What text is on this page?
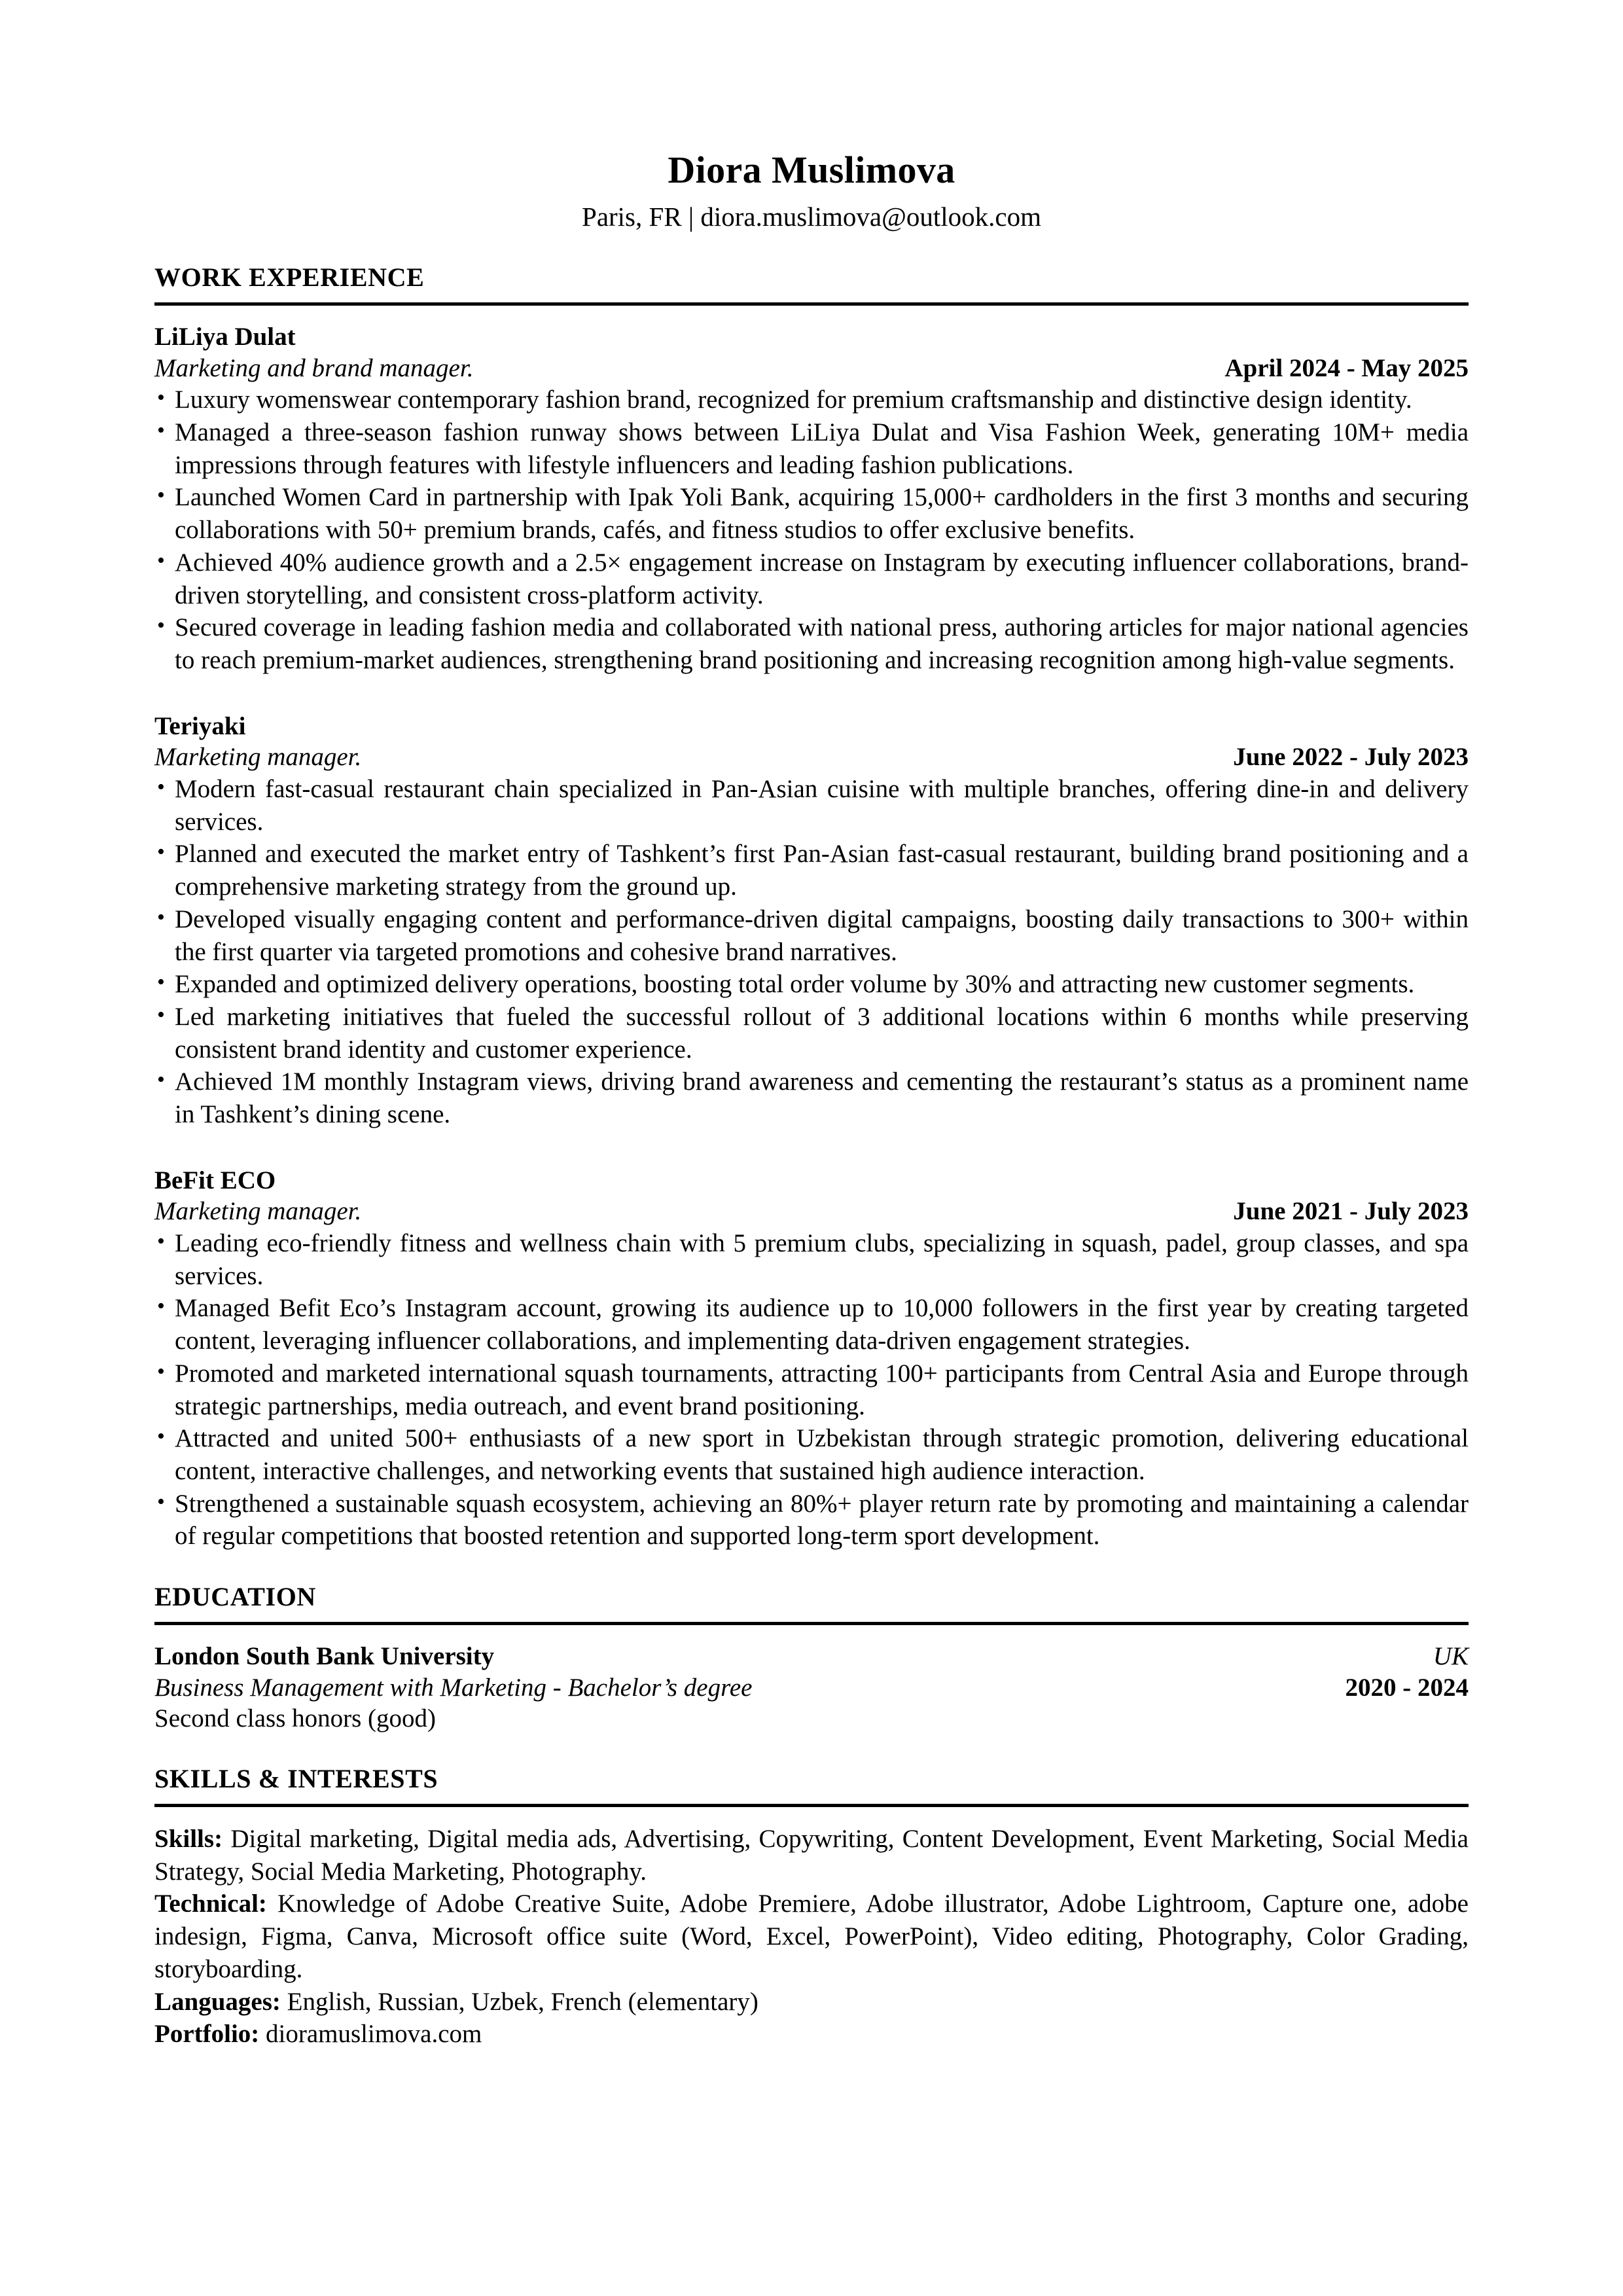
Diora Muslimova
Paris, FR | diora.muslimova@outlook.com
WORK EXPERIENCE
LiLiya Dulat
Marketing and brand manager.	April 2024 - May 2025
• Luxury womenswear contemporary fashion brand, recognized for premium craftsmanship and distinctive design identity.
• Managed a three-season fashion runway shows between LiLiya Dulat and Visa Fashion Week, generating 10M+ media impressions through features with lifestyle influencers and leading fashion publications.
• Launched Women Card in partnership with Ipak Yoli Bank, acquiring 15,000+ cardholders in the first 3 months and securing collaborations with 50+ premium brands, cafés, and fitness studios to offer exclusive benefits.
• Achieved 40% audience growth and a 2.5× engagement increase on Instagram by executing influencer collaborations, brand-driven storytelling, and consistent cross-platform activity.
• Secured coverage in leading fashion media and collaborated with national press, authoring articles for major national agencies to reach premium-market audiences, strengthening brand positioning and increasing recognition among high-value segments.
Teriyaki
Marketing manager.	June 2022 - July 2023
• Modern fast-casual restaurant chain specialized in Pan-Asian cuisine with multiple branches, offering dine-in and delivery services.
• Planned and executed the market entry of Tashkent’s first Pan-Asian fast-casual restaurant, building brand positioning and a comprehensive marketing strategy from the ground up.
• Developed visually engaging content and performance-driven digital campaigns, boosting daily transactions to 300+ within the first quarter via targeted promotions and cohesive brand narratives.
• Expanded and optimized delivery operations, boosting total order volume by 30% and attracting new customer segments.
• Led marketing initiatives that fueled the successful rollout of 3 additional locations within 6 months while preserving consistent brand identity and customer experience.
• Achieved 1M monthly Instagram views, driving brand awareness and cementing the restaurant’s status as a prominent name in Tashkent’s dining scene.
BeFit ECO
Marketing manager.	June 2021 - July 2023
• Leading eco-friendly fitness and wellness chain with 5 premium clubs, specializing in squash, padel, group classes, and spa services.
• Managed Befit Eco’s Instagram account, growing its audience up to 10,000 followers in the first year by creating targeted content, leveraging influencer collaborations, and implementing data-driven engagement strategies.
• Promoted and marketed international squash tournaments, attracting 100+ participants from Central Asia and Europe through strategic partnerships, media outreach, and event brand positioning.
• Attracted and united 500+ enthusiasts of a new sport in Uzbekistan through strategic promotion, delivering educational content, interactive challenges, and networking events that sustained high audience interaction.
• Strengthened a sustainable squash ecosystem, achieving an 80%+ player return rate by promoting and maintaining a calendar of regular competitions that boosted retention and supported long-term sport development.
EDUCATION
London South Bank University	UK
Business Management with Marketing - Bachelor’s degree	2020 - 2024
Second class honors (good)
SKILLS & INTERESTS
Skills: Digital marketing, Digital media ads, Advertising, Copywriting, Content Development, Event Marketing, Social Media Strategy, Social Media Marketing, Photography.
Technical: Knowledge of Adobe Creative Suite, Adobe Premiere, Adobe illustrator, Adobe Lightroom, Capture one, adobe indesign, Figma, Canva, Microsoft office suite (Word, Excel, PowerPoint), Video editing, Photography, Color Grading, storyboarding.
Languages: English, Russian, Uzbek, French (elementary)
Portfolio: dioramuslimova.com
